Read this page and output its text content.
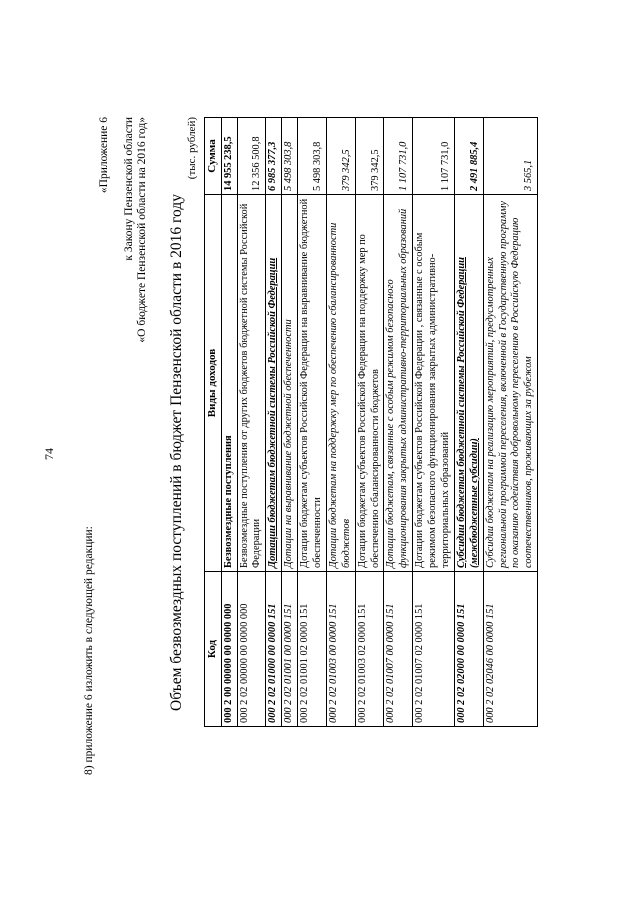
74
8) приложение 6 изложить в следующей редакции:
«Приложение 6 к Закону Пензенской области «О бюджете Пензенской области на 2016 год» Объем безвозмездных поступлений в бюджет Пензенской области в 2016 году
(тыс. рублей)
Код	Виды доходов	Сумма
000 2 00 00000 00 0000 000	Безвозмездные поступления	14 955 238,5
000 2 02 00000 00 0000 000	Безвозмездные поступления от других бюджетов бюджетной системы Российской Федерации	12 356 500,8
000 2 02 01000 00 0000 151	Дотации бюджетам бюджетной системы Российской Федерации	6 985 377,3
000 2 02 01001 00 0000 151	Дотации на выравнивание бюджетной обеспеченности	5 498 303,8
000 2 02 01001 02 0000 151	Дотации бюджетам субъектов Российской Федерации на выравнивание бюджетной обеспеченности	5 498 303,8
000 2 02 01003 00 0000 151	Дотации бюджетам на поддержку мер по обеспечению сбалансированности бюджетов	379 342,5
000 2 02 01003 02 0000 151	Дотации бюджетам субъектов Российской Федерации на поддержку мер по обеспечению сбалансированности бюджетов	379 342,5
000 2 02 01007 00 0000 151	Дотации бюджетам, связанные с особым режимом безопасного функционирования закрытых административно-территориальных образований	1 107 731,0
000 2 02 01007 02 0000 151	Дотации бюджетам субъектов Российской Федерации , связанные с особым режимом безопасного функционирования закрытых административно-территориальных образований	1 107 731,0
000 2 02 02000 00 0000 151	Субсидии бюджетам бюджетной системы Российской Федерации (межбюджетные субсидии)	2 491 885,4
000 2 02 02046 00 0000 151	Субсидии бюджетам на реализацию мероприятий, предусмотренных региональной программой переселения, включенной в Государственную программу по оказанию содействия добровольному переселению в Российскую Федерацию соотечественников, проживающих за рубежом	3 565,1
